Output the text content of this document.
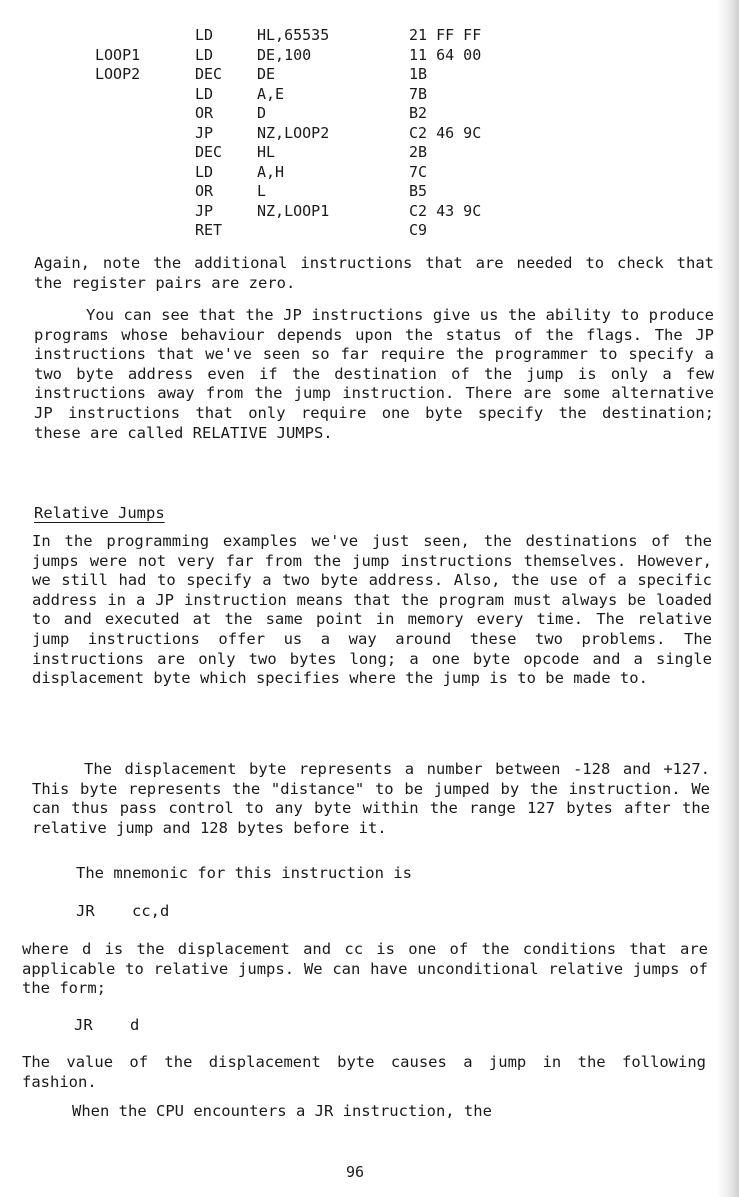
LD	HL,65535	21 FF FF
LOOP1	LD	DE,100	11 64 00
LOOP2	DEC	DE	1B
LD	A,E	7B
OR	D	B2
JP	NZ,LOOP2	C2 46 9C
DEC	HL	2B
LD	A,H	7C
OR	L	B5
JP	NZ,LOOP1	C2 43 9C
RET	C9
Again, note the additional instructions that are needed to check that the register pairs are zero.
You can see that the JP instructions give us the ability to produce programs whose behaviour depends upon the status of the flags. The JP instructions that we've seen so far require the programmer to specify a two byte address even if the destination of the jump is only a few instructions away from the jump instruction. There are some alternative JP instructions that only require one byte specify the destination; these are called RELATIVE JUMPS.
Relative Jumps
In the programming examples we've just seen, the destinations of the jumps were not very far from the jump instructions themselves. However, we still had to specify a two byte address. Also, the use of a specific address in a JP instruction means that the program must always be loaded to and executed at the same point in memory every time. The relative jump instructions offer us a way around these two problems. The instructions are only two bytes long; a one byte opcode and a single displacement byte which specifies where the jump is to be made to.
The displacement byte represents a number between -128 and +127. This byte represents the "distance" to be jumped by the instruction. We can thus pass control to any byte within the range 127 bytes after the relative jump and 128 bytes before it.
The mnemonic for this instruction is
JR    cc,d
where d is the displacement and cc is one of the conditions that are applicable to relative jumps. We can have unconditional relative jumps of the form;
JR    d
The value of the displacement byte causes a jump in the following fashion.
When the CPU encounters a JR instruction, the
96
